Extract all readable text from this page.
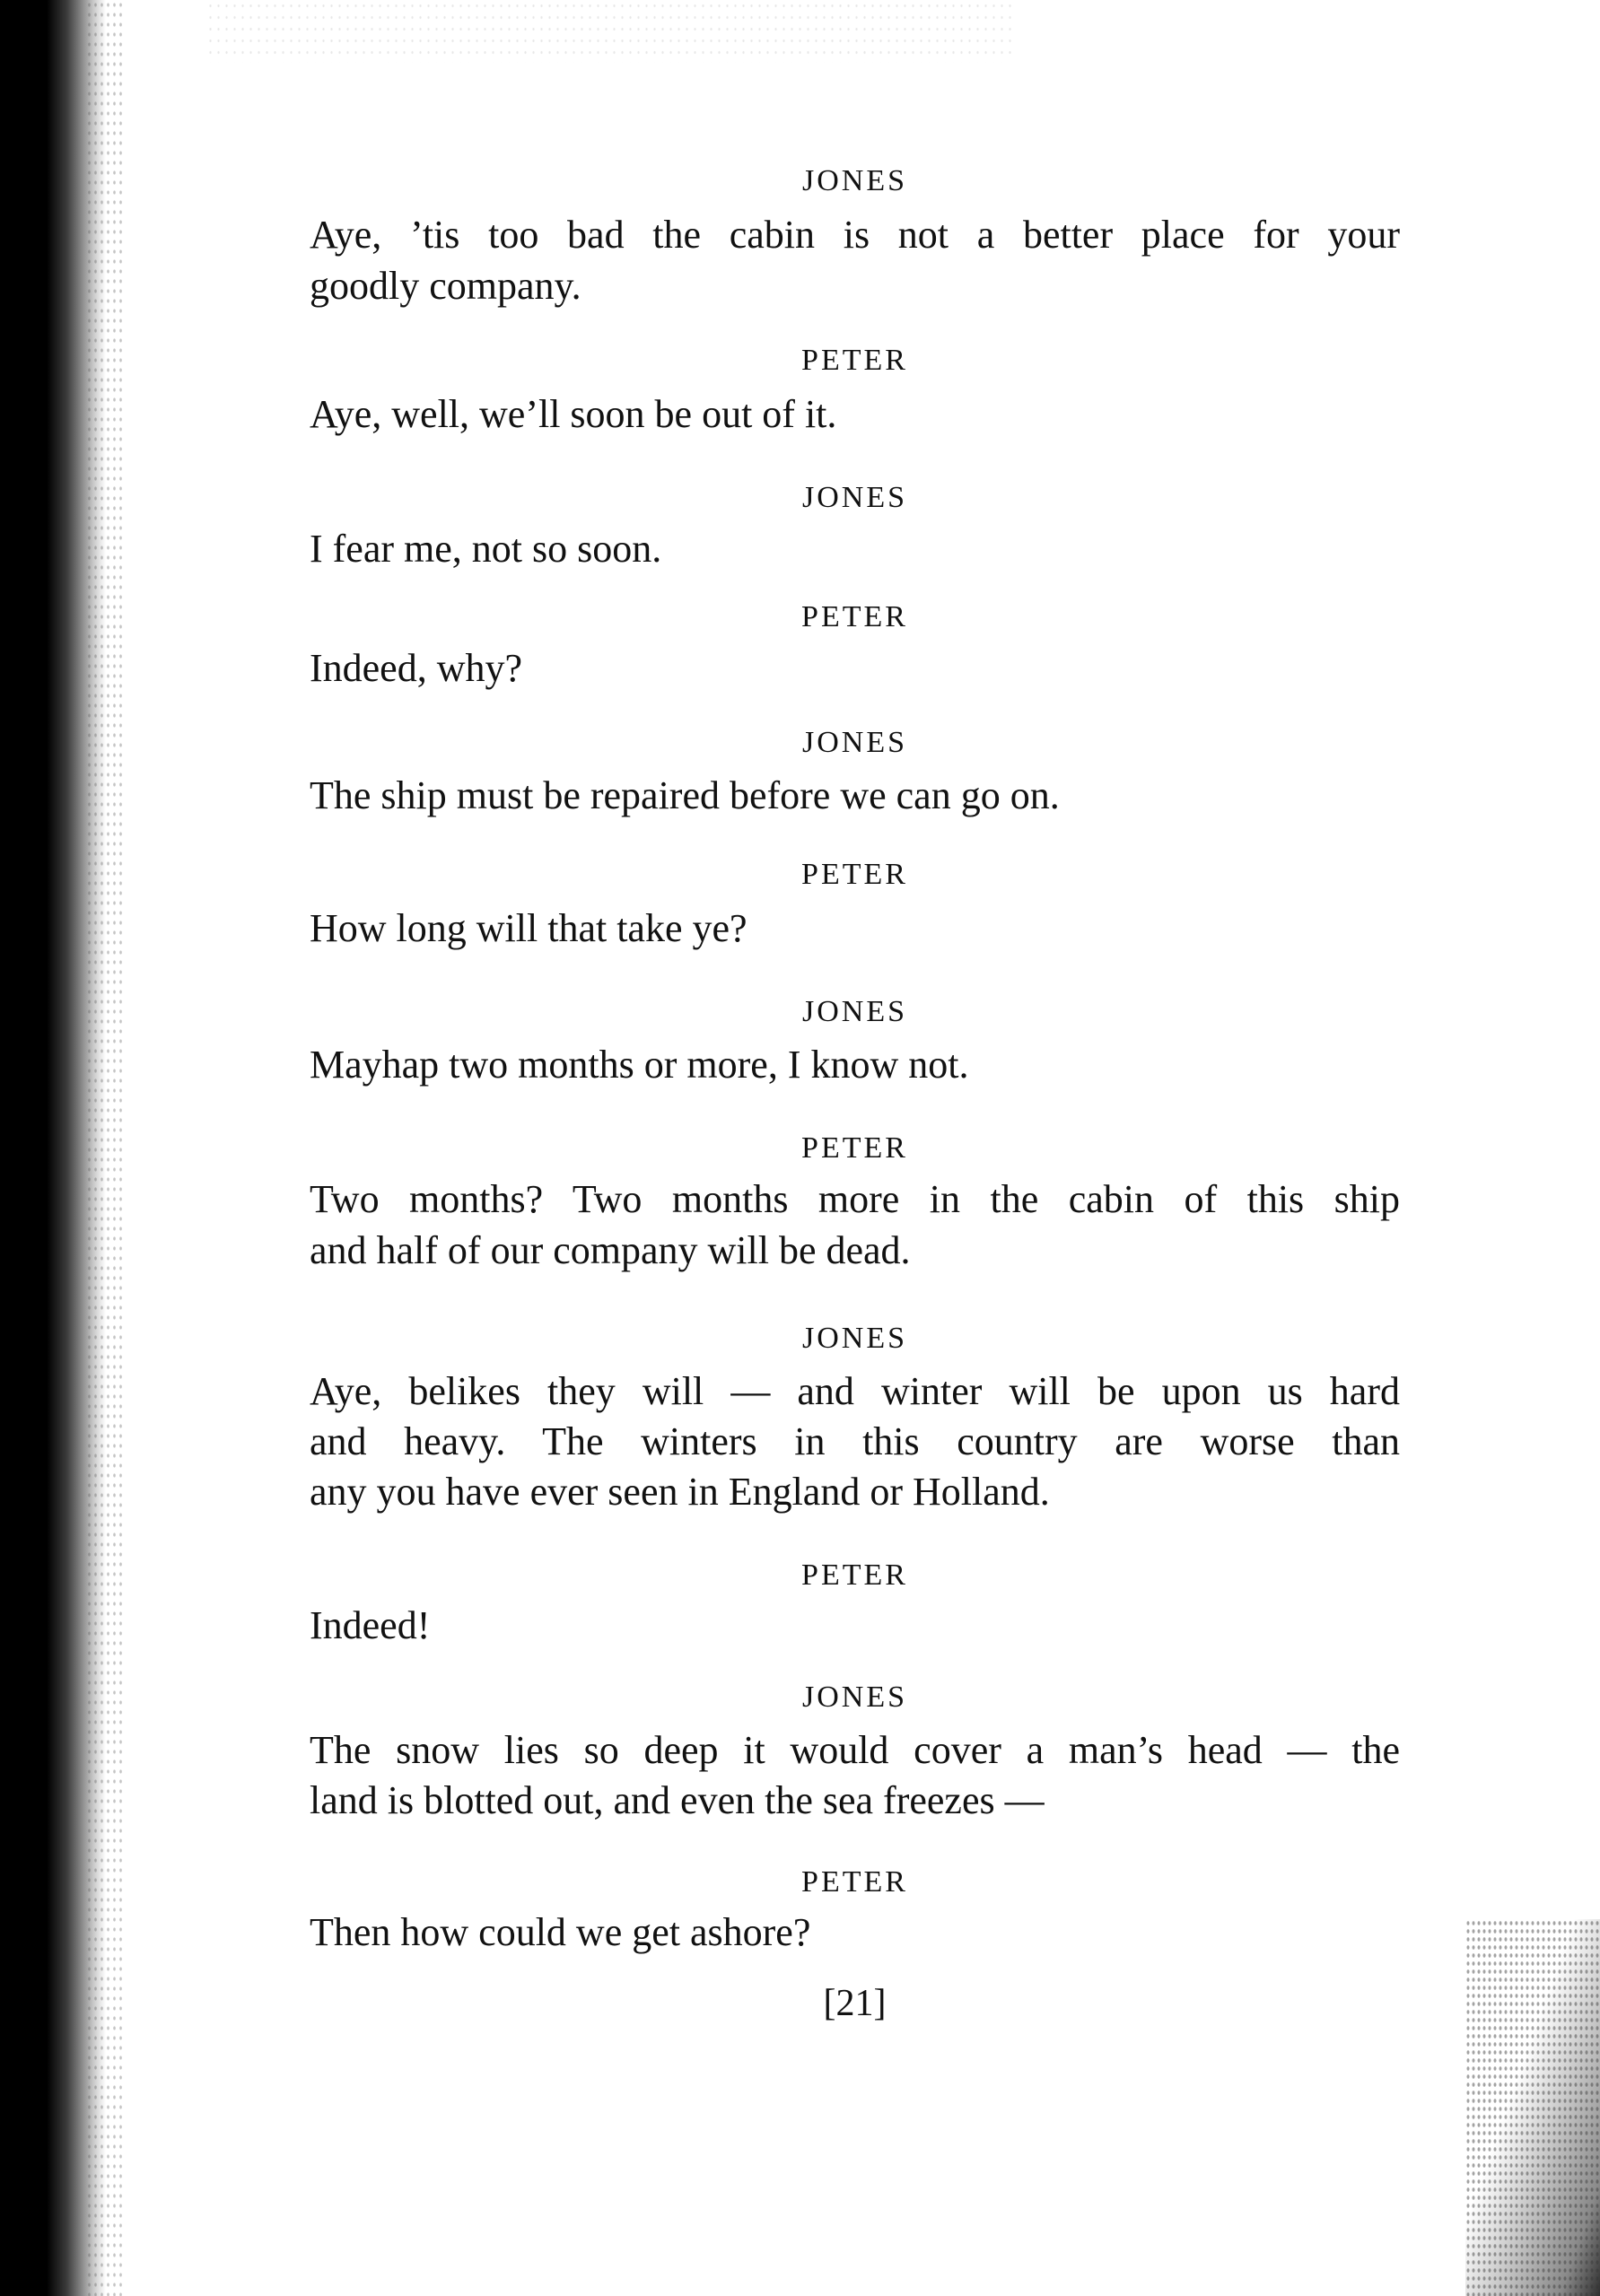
JONES
Aye, ’tis too bad the cabin is not a better place for your
goodly company.
PETER
Aye, well, we’ll soon be out of it.
JONES
I fear me, not so soon.
PETER
Indeed, why?
JONES
The ship must be repaired before we can go on.
PETER
How long will that take ye?
JONES
Mayhap two months or more, I know not.
PETER
Two months? Two months more in the cabin of this ship
and half of our company will be dead.
JONES
Aye, belikes they will — and winter will be upon us hard
and heavy. The winters in this country are worse than
any you have ever seen in England or Holland.
PETER
Indeed!
JONES
The snow lies so deep it would cover a man’s head — the
land is blotted out, and even the sea freezes —
PETER
Then how could we get ashore?
[21]
